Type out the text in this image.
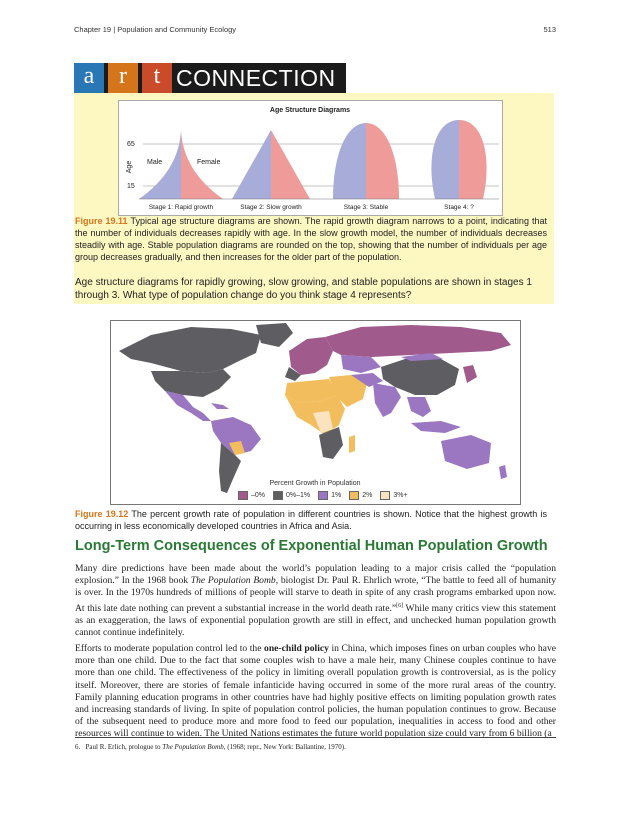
Chapter 19 | Population and Community Ecology	513
a	r	t CONNECTION
Age Structure Diagrams
65
15
Age Male	Female
Stage 1: Rapid growth	Stage 2: Slow growth	Stage 3: Stable	Stage 4: ?
Figure 19.11 Typical age structure diagrams are shown. The rapid growth diagram narrows to a point, indicating that the number of individuals decreases rapidly with age. In the slow growth model, the number of individuals decreases steadily with age. Stable population diagrams are rounded on the top, showing that the number of individuals per age group decreases gradually, and then increases for the older part of the population.
Age structure diagrams for rapidly growing, slow growing, and stable populations are shown in stages 1 through 3. What type of population change do you think stage 4 represents?
Percent Growth in Population
–0%	0%–1%	1%	2%	3%+
Figure 19.12 The percent growth rate of population in different countries is shown. Notice that the highest growth is occurring in less economically developed countries in Africa and Asia.
Long-Term Consequences of Exponential Human Population Growth
Many dire predictions have been made about the world’s population leading to a major crisis called the “population explosion.” In the 1968 book The Population Bomb, biologist Dr. Paul R. Ehrlich wrote, “The battle to feed all of humanity is over. In the 1970s hundreds of millions of people will starve to death in spite of any crash programs embarked upon now. At this late date nothing can prevent a substantial increase in the world death rate.”[6] While many critics view this statement as an exaggeration, the laws of exponential population growth are still in effect, and unchecked human population growth cannot continue indefinitely.
Efforts to moderate population control led to the one-child policy in China, which imposes fines on urban couples who have more than one child. Due to the fact that some couples wish to have a male heir, many Chinese couples continue to have more than one child. The effectiveness of the policy in limiting overall population growth is controversial, as is the policy itself. Moreover, there are stories of female infanticide having occurred in some of the more rural areas of the country. Family planning education programs in other countries have had highly positive effects on limiting population growth rates and increasing standards of living. In spite of population control policies, the human population continues to grow. Because of the subsequent need to produce more and more food to feed our population, inequalities in access to food and other resources will continue to widen. The United Nations estimates the future world population size could vary from 6 billion (a
6.   Paul R. Erlich, prologue to The Population Bomb, (1968; repr., New York: Ballantine, 1970).
